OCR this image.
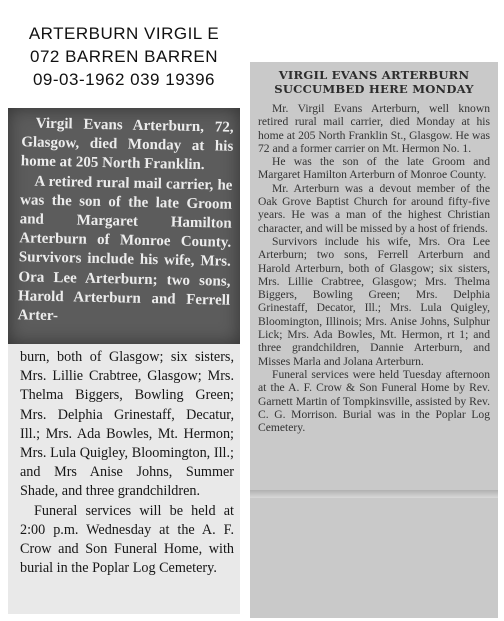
ARTERBURN VIRGIL E
072 BARREN BARREN
09-03-1962 039 19396

Virgil Evans Arterburn, 72, Glasgow, died Monday at his home at 205 North Franklin.

A retired rural mail carrier, he was the son of the late Groom and Margaret Hamilton Arterburn of Monroe County. Survivors include his wife, Mrs. Ora Lee Arterburn; two sons, Harold Arterburn and Ferrell Arter-

burn, both of Glasgow; six sisters, Mrs. Lillie Crabtree, Glasgow; Mrs. Thelma Biggers, Bowling Green; Mrs. Delphia Grinestaff, Decatur, Ill.; Mrs. Ada Bowles, Mt. Hermon; Mrs. Lula Quigley, Bloomington, Ill.; and Mrs Anise Johns, Summer Shade, and three grandchildren.

Funeral services will be held at 2:00 p.m. Wednesday at the A. F. Crow and Son Funeral Home, with burial in the Poplar Log Cemetery.

VIRGIL EVANS ARTERBURN
SUCCUMBED HERE MONDAY

Mr. Virgil Evans Arterburn, well known retired rural mail carrier, died Monday at his home at 205 North Franklin St., Glasgow. He was 72 and a former carrier on Mt. Hermon No. 1.

He was the son of the late Groom and Margaret Hamilton Arterburn of Monroe County.

Mr. Arterburn was a devout member of the Oak Grove Baptist Church for around fifty-five years. He was a man of the highest Christian character, and will be missed by a host of friends.

Survivors include his wife, Mrs. Ora Lee Arterburn; two sons, Ferrell Arterburn and Harold Arterburn, both of Glasgow; six sisters, Mrs. Lillie Crabtree, Glasgow; Mrs. Thelma Biggers, Bowling Green; Mrs. Delphia Grinestaff, Decator, Ill.; Mrs. Lula Quigley, Bloomington, Illinois; Mrs. Anise Johns, Sulphur Lick; Mrs. Ada Bowles, Mt. Hermon, rt 1; and three grandchildren, Dannie Arterburn, and Misses Marla and Jolana Arterburn.

Funeral services were held Tuesday afternoon at the A. F. Crow & Son Funeral Home by Rev. Garnett Martin of Tompkinsville, assisted by Rev. C. G. Morrison. Burial was in the Poplar Log Cemetery.
